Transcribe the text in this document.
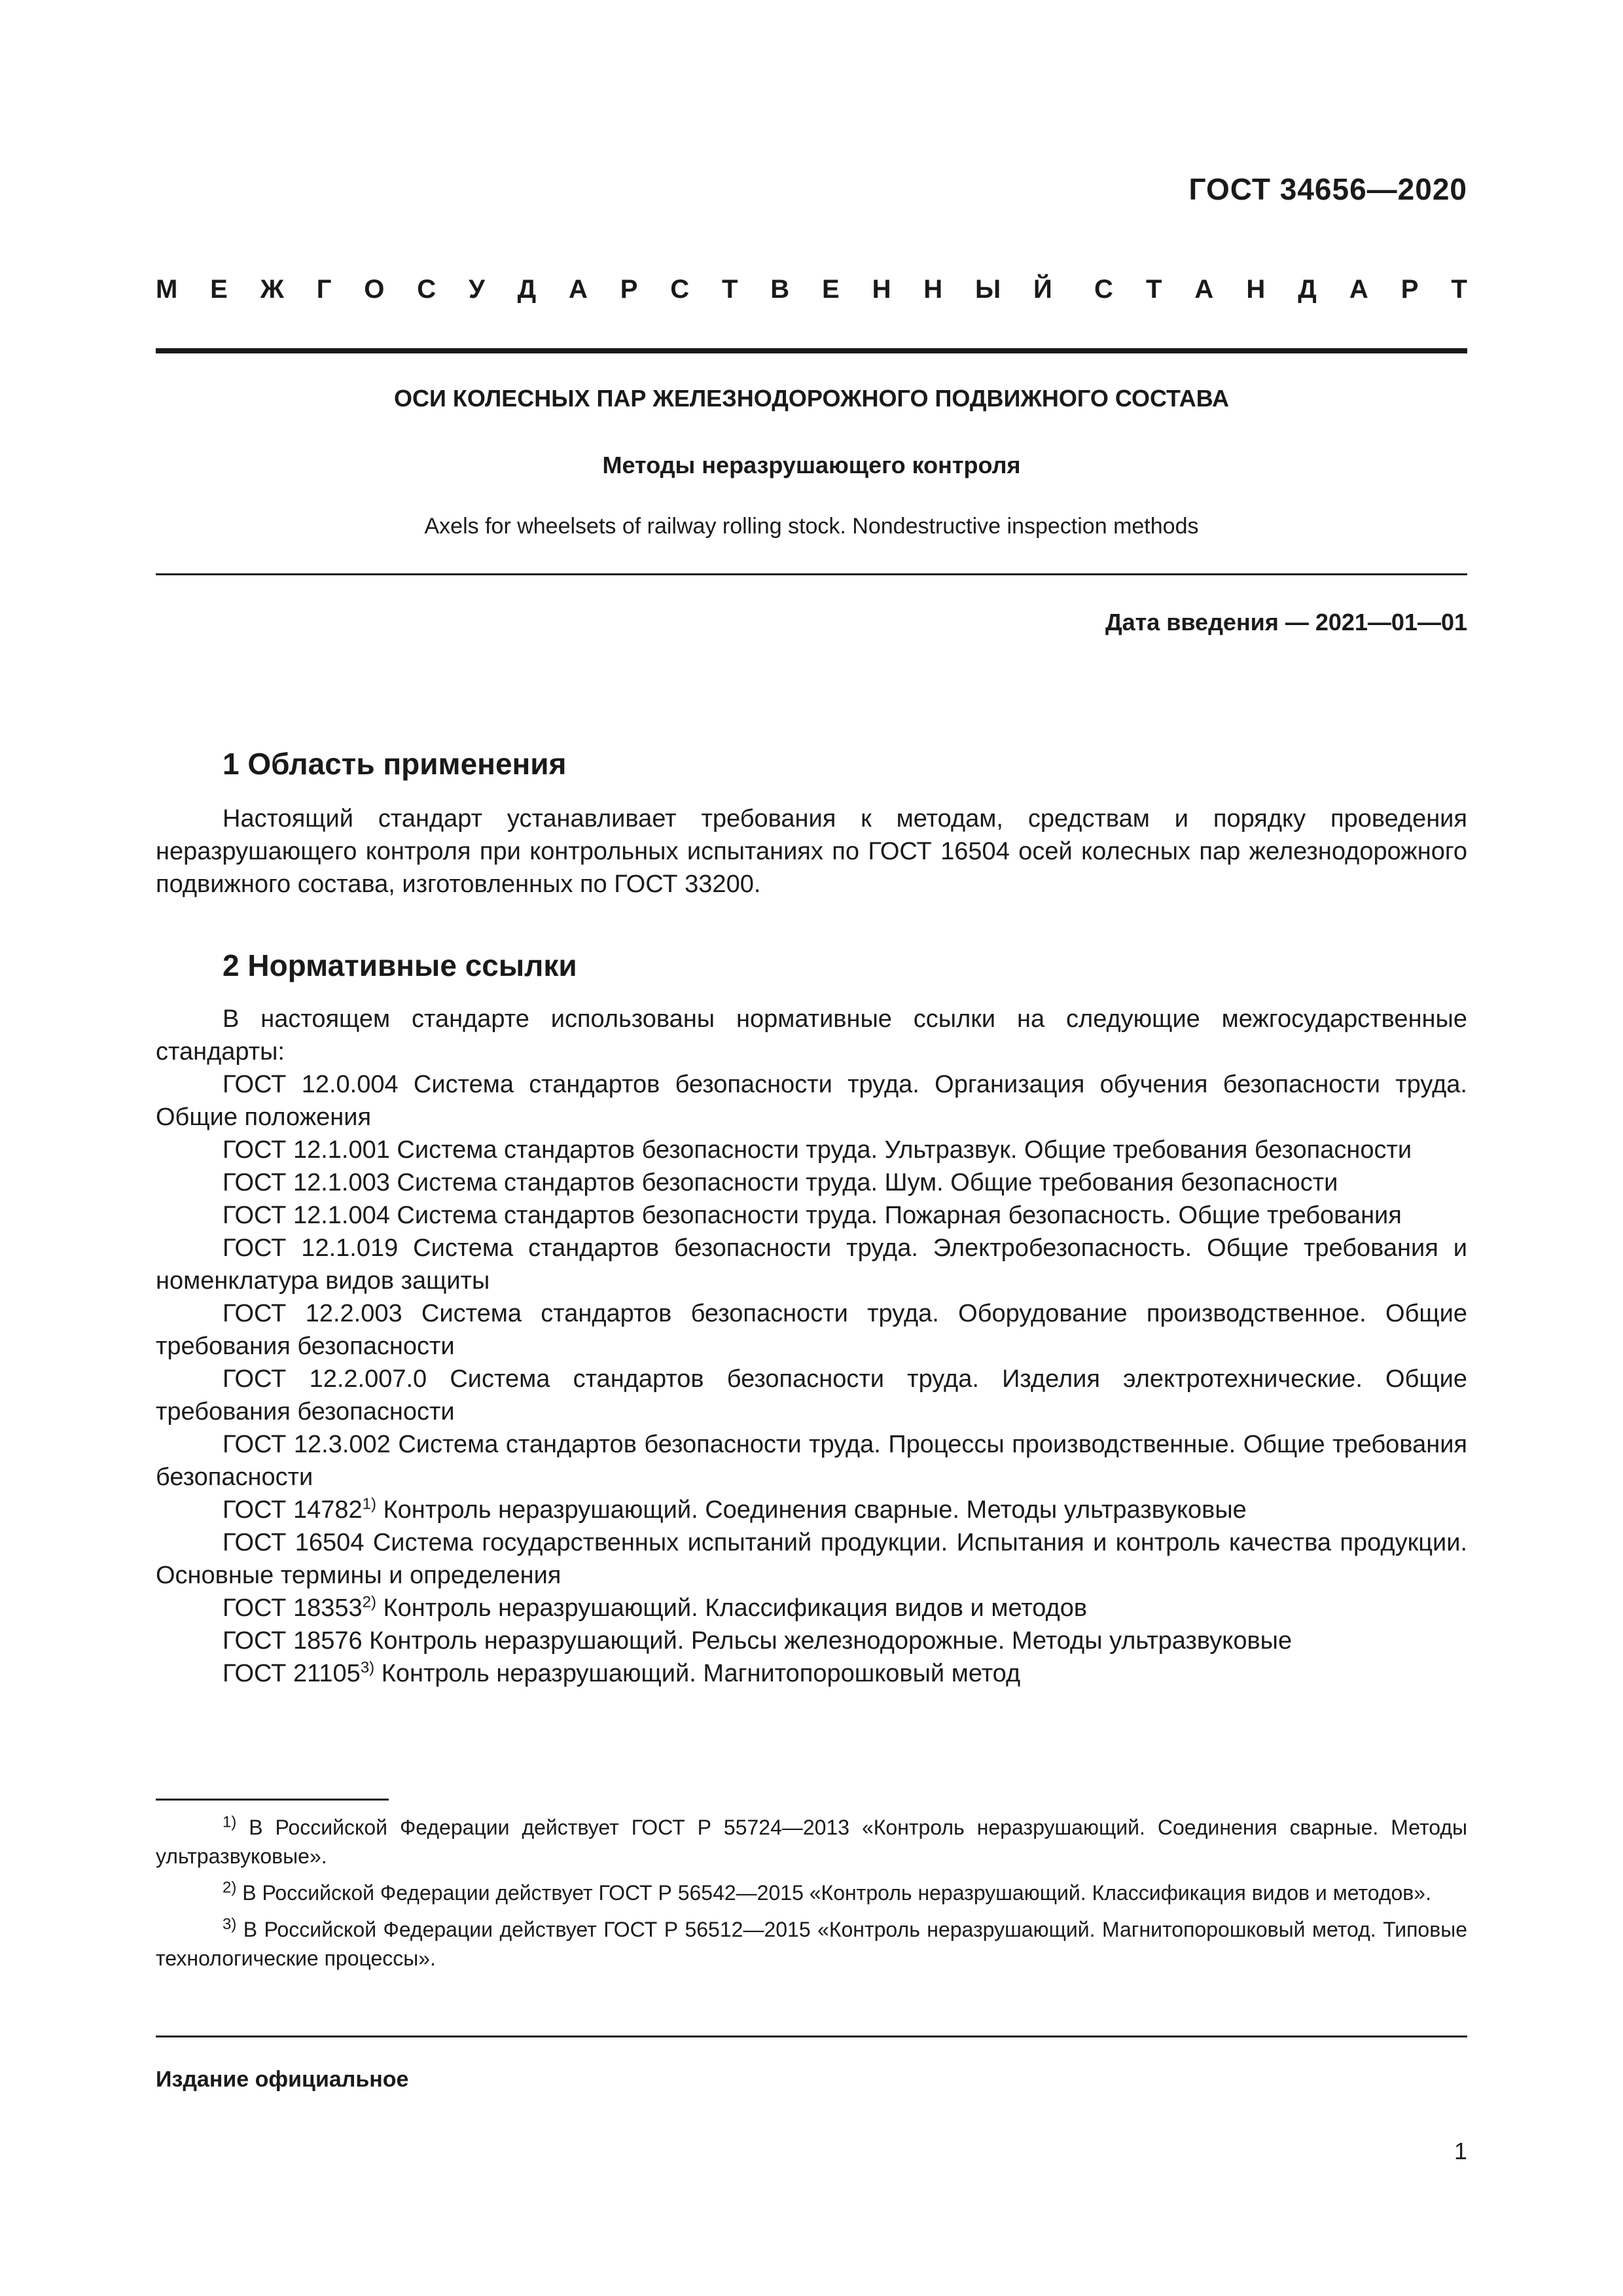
ГОСТ 34656—2020
М Е Ж Г О С У Д А Р С Т В Е Н Н Ы Й С Т А Н Д А Р Т
ОСИ КОЛЕСНЫХ ПАР ЖЕЛЕЗНОДОРОЖНОГО ПОДВИЖНОГО СОСТАВА
Методы неразрушающего контроля
Axels for wheelsets of railway rolling stock. Nondestructive inspection methods
Дата введения — 2021—01—01
1 Область применения

Настоящий стандарт устанавливает требования к методам, средствам и порядку проведения неразрушающего контроля при контрольных испытаниях по ГОСТ 16504 осей колесных пар железнодорожного подвижного состава, изготовленных по ГОСТ 33200.

2 Нормативные ссылки

В настоящем стандарте использованы нормативные ссылки на следующие межгосударственные стандарты:

ГОСТ 12.0.004 Система стандартов безопасности труда. Организация обучения безопасности труда. Общие положения

ГОСТ 12.1.001 Система стандартов безопасности труда. Ультразвук. Общие требования безопасности

ГОСТ 12.1.003 Система стандартов безопасности труда. Шум. Общие требования безопасности

ГОСТ 12.1.004 Система стандартов безопасности труда. Пожарная безопасность. Общие требования

ГОСТ 12.1.019 Система стандартов безопасности труда. Электробезопасность. Общие требования и номенклатура видов защиты

ГОСТ 12.2.003 Система стандартов безопасности труда. Оборудование производственное. Общие требования безопасности

ГОСТ 12.2.007.0 Система стандартов безопасности труда. Изделия электротехнические. Общие требования безопасности

ГОСТ 12.3.002 Система стандартов безопасности труда. Процессы производственные. Общие требования безопасности

ГОСТ 14782$^{1)}$ Контроль неразрушающий. Соединения сварные. Методы ультразвуковые

ГОСТ 16504 Система государственных испытаний продукции. Испытания и контроль качества продукции. Основные термины и определения

ГОСТ 18353$^{2)}$ Контроль неразрушающий. Классификация видов и методов

ГОСТ 18576 Контроль неразрушающий. Рельсы железнодорожные. Методы ультразвуковые

ГОСТ 21105$^{3)}$ Контроль неразрушающий. Магнитопорошковый метод

$^{1)}$ В Российской Федерации действует ГОСТ Р 55724—2013 «Контроль неразрушающий. Соединения сварные. Методы ультразвуковые».

$^{2)}$ В Российской Федерации действует ГОСТ Р 56542—2015 «Контроль неразрушающий. Классификация видов и методов».

$^{3)}$ В Российской Федерации действует ГОСТ Р 56512—2015 «Контроль неразрушающий. Магнитопорошковый метод. Типовые технологические процессы».

Издание официальное
1
